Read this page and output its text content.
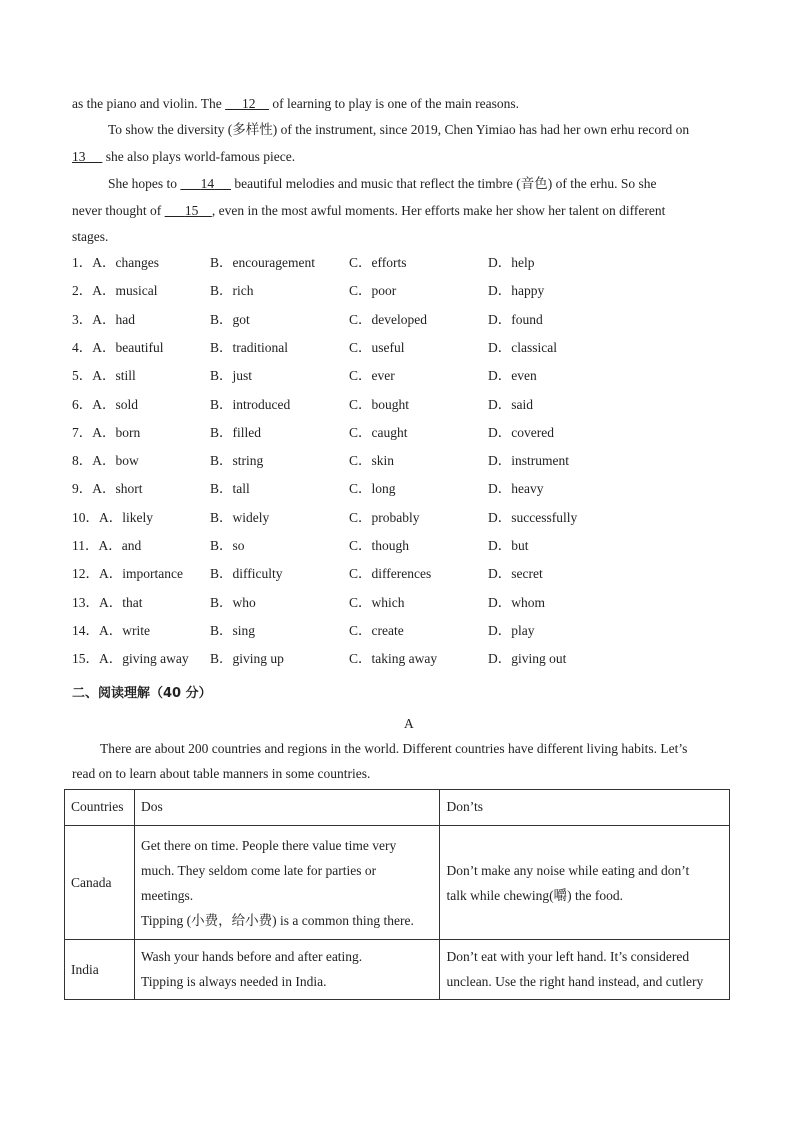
as the piano and violin. The      12     of learning to play is one of the main reasons.
To show the diversity (多样性) of the instrument, since 2019, Chen Yimiao has had her own erhu record on
13      she also plays world-famous piece.
She hopes to       14      beautiful melodies and music that reflect the timbre (音色) of the erhu. So she
never thought of       15 , even in the most awful moments. Her efforts make her show her talent on different
stages.
1．A．changes	B．encouragement	C．efforts	D．help
2．A．musical	B．rich	C．poor	D．happy
3．A．had	B．got	C．developed	D．found
4．A．beautiful	B．traditional	C．useful	D．classical
5．A．still	B．just	C．ever	D．even
6．A．sold	B．introduced	C．bought	D．said
7．A．born	B．filled	C．caught	D．covered
8．A．bow	B．string	C．skin	D．instrument
9．A．short	B．tall	C．long	D．heavy
10．A．likely	B．widely	C．probably	D．successfully
11．A．and	B．so	C．though	D．but
12．A．importance B．difficulty	C．differences	D．secret
13．A．that	B．who	C．which	D．whom
14．A．write	B．sing	C．create	D．play
15．A．giving away B．giving up	C．taking away	D．giving out
二、阅读理解（40 分）
A
There are about 200 countries and regions in the world. Different countries have different living habits. Let’s
read on to learn about table manners in some countries.
Countries	Dos	Don’ts
Canada	Get there on time. People there value time very
much. They seldom come late for parties or
meetings.
Tipping (小费，给小费) is a common thing there.	Don’t make any noise while eating and don’t
talk while chewing(嚼) the food.

India	Wash your hands before and after eating.
Tipping is always needed in India.	Don’t eat with your left hand. It’s considered
unclean. Use the right hand instead, and cutlery
